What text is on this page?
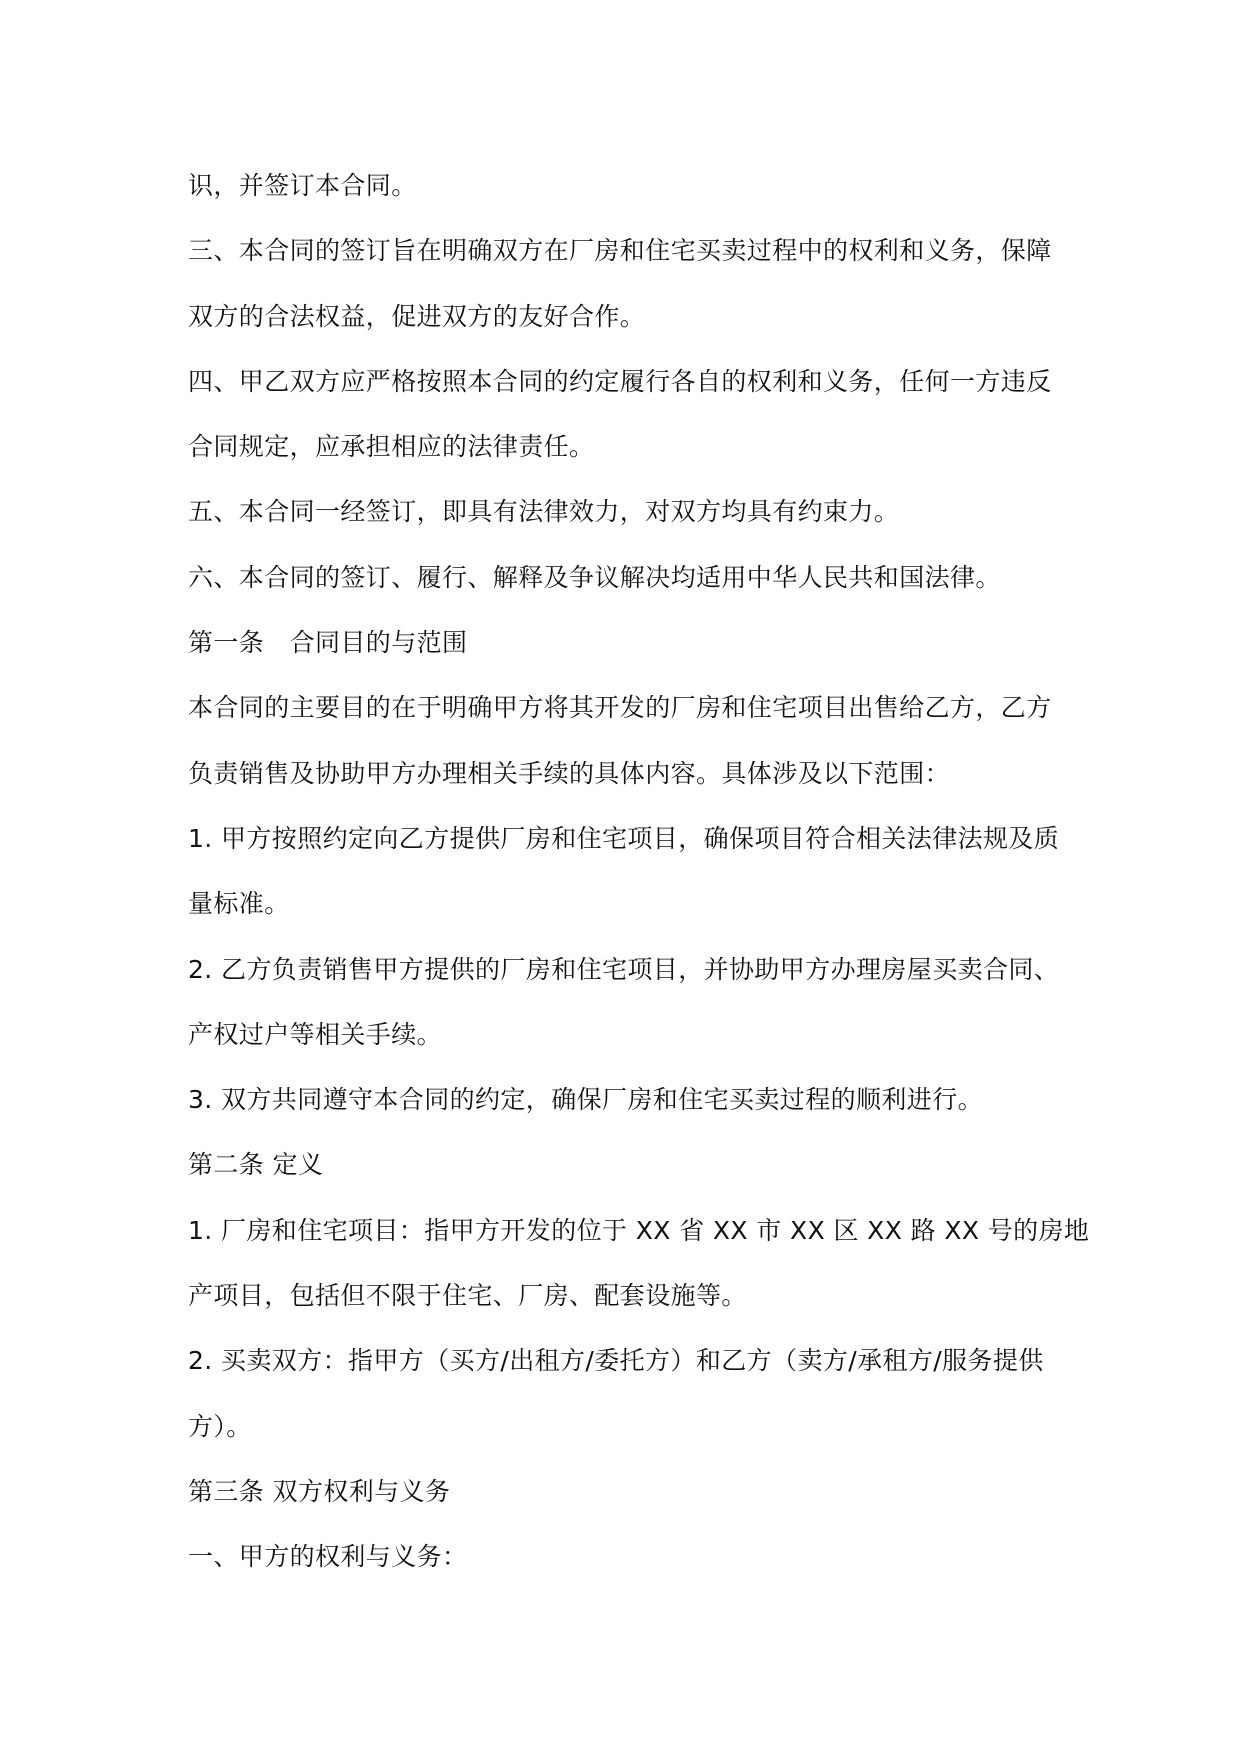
识，并签订本合同。

三、本合同的签订旨在明确双方在厂房和住宅买卖过程中的权利和义务，保障

双方的合法权益，促进双方的友好合作。

四、甲乙双方应严格按照本合同的约定履行各自的权利和义务，任何一方违反

合同规定，应承担相应的法律责任。

五、本合同一经签订，即具有法律效力，对双方均具有约束力。

六、本合同的签订、履行、解释及争议解决均适用中华人民共和国法律。

第一条　合同目的与范围

本合同的主要目的在于明确甲方将其开发的厂房和住宅项目出售给乙方，乙方

负责销售及协助甲方办理相关手续的具体内容。具体涉及以下范围：

1. 甲方按照约定向乙方提供厂房和住宅项目，确保项目符合相关法律法规及质

量标准。

2. 乙方负责销售甲方提供的厂房和住宅项目，并协助甲方办理房屋买卖合同、

产权过户等相关手续。

3. 双方共同遵守本合同的约定，确保厂房和住宅买卖过程的顺利进行。

第二条 定义

1. 厂房和住宅项目：指甲方开发的位于 XX 省 XX 市 XX 区 XX 路 XX 号的房地

产项目，包括但不限于住宅、厂房、配套设施等。

2. 买卖双方：指甲方（买方/出租方/委托方）和乙方（卖方/承租方/服务提供

方）。

第三条 双方权利与义务

一、甲方的权利与义务：
